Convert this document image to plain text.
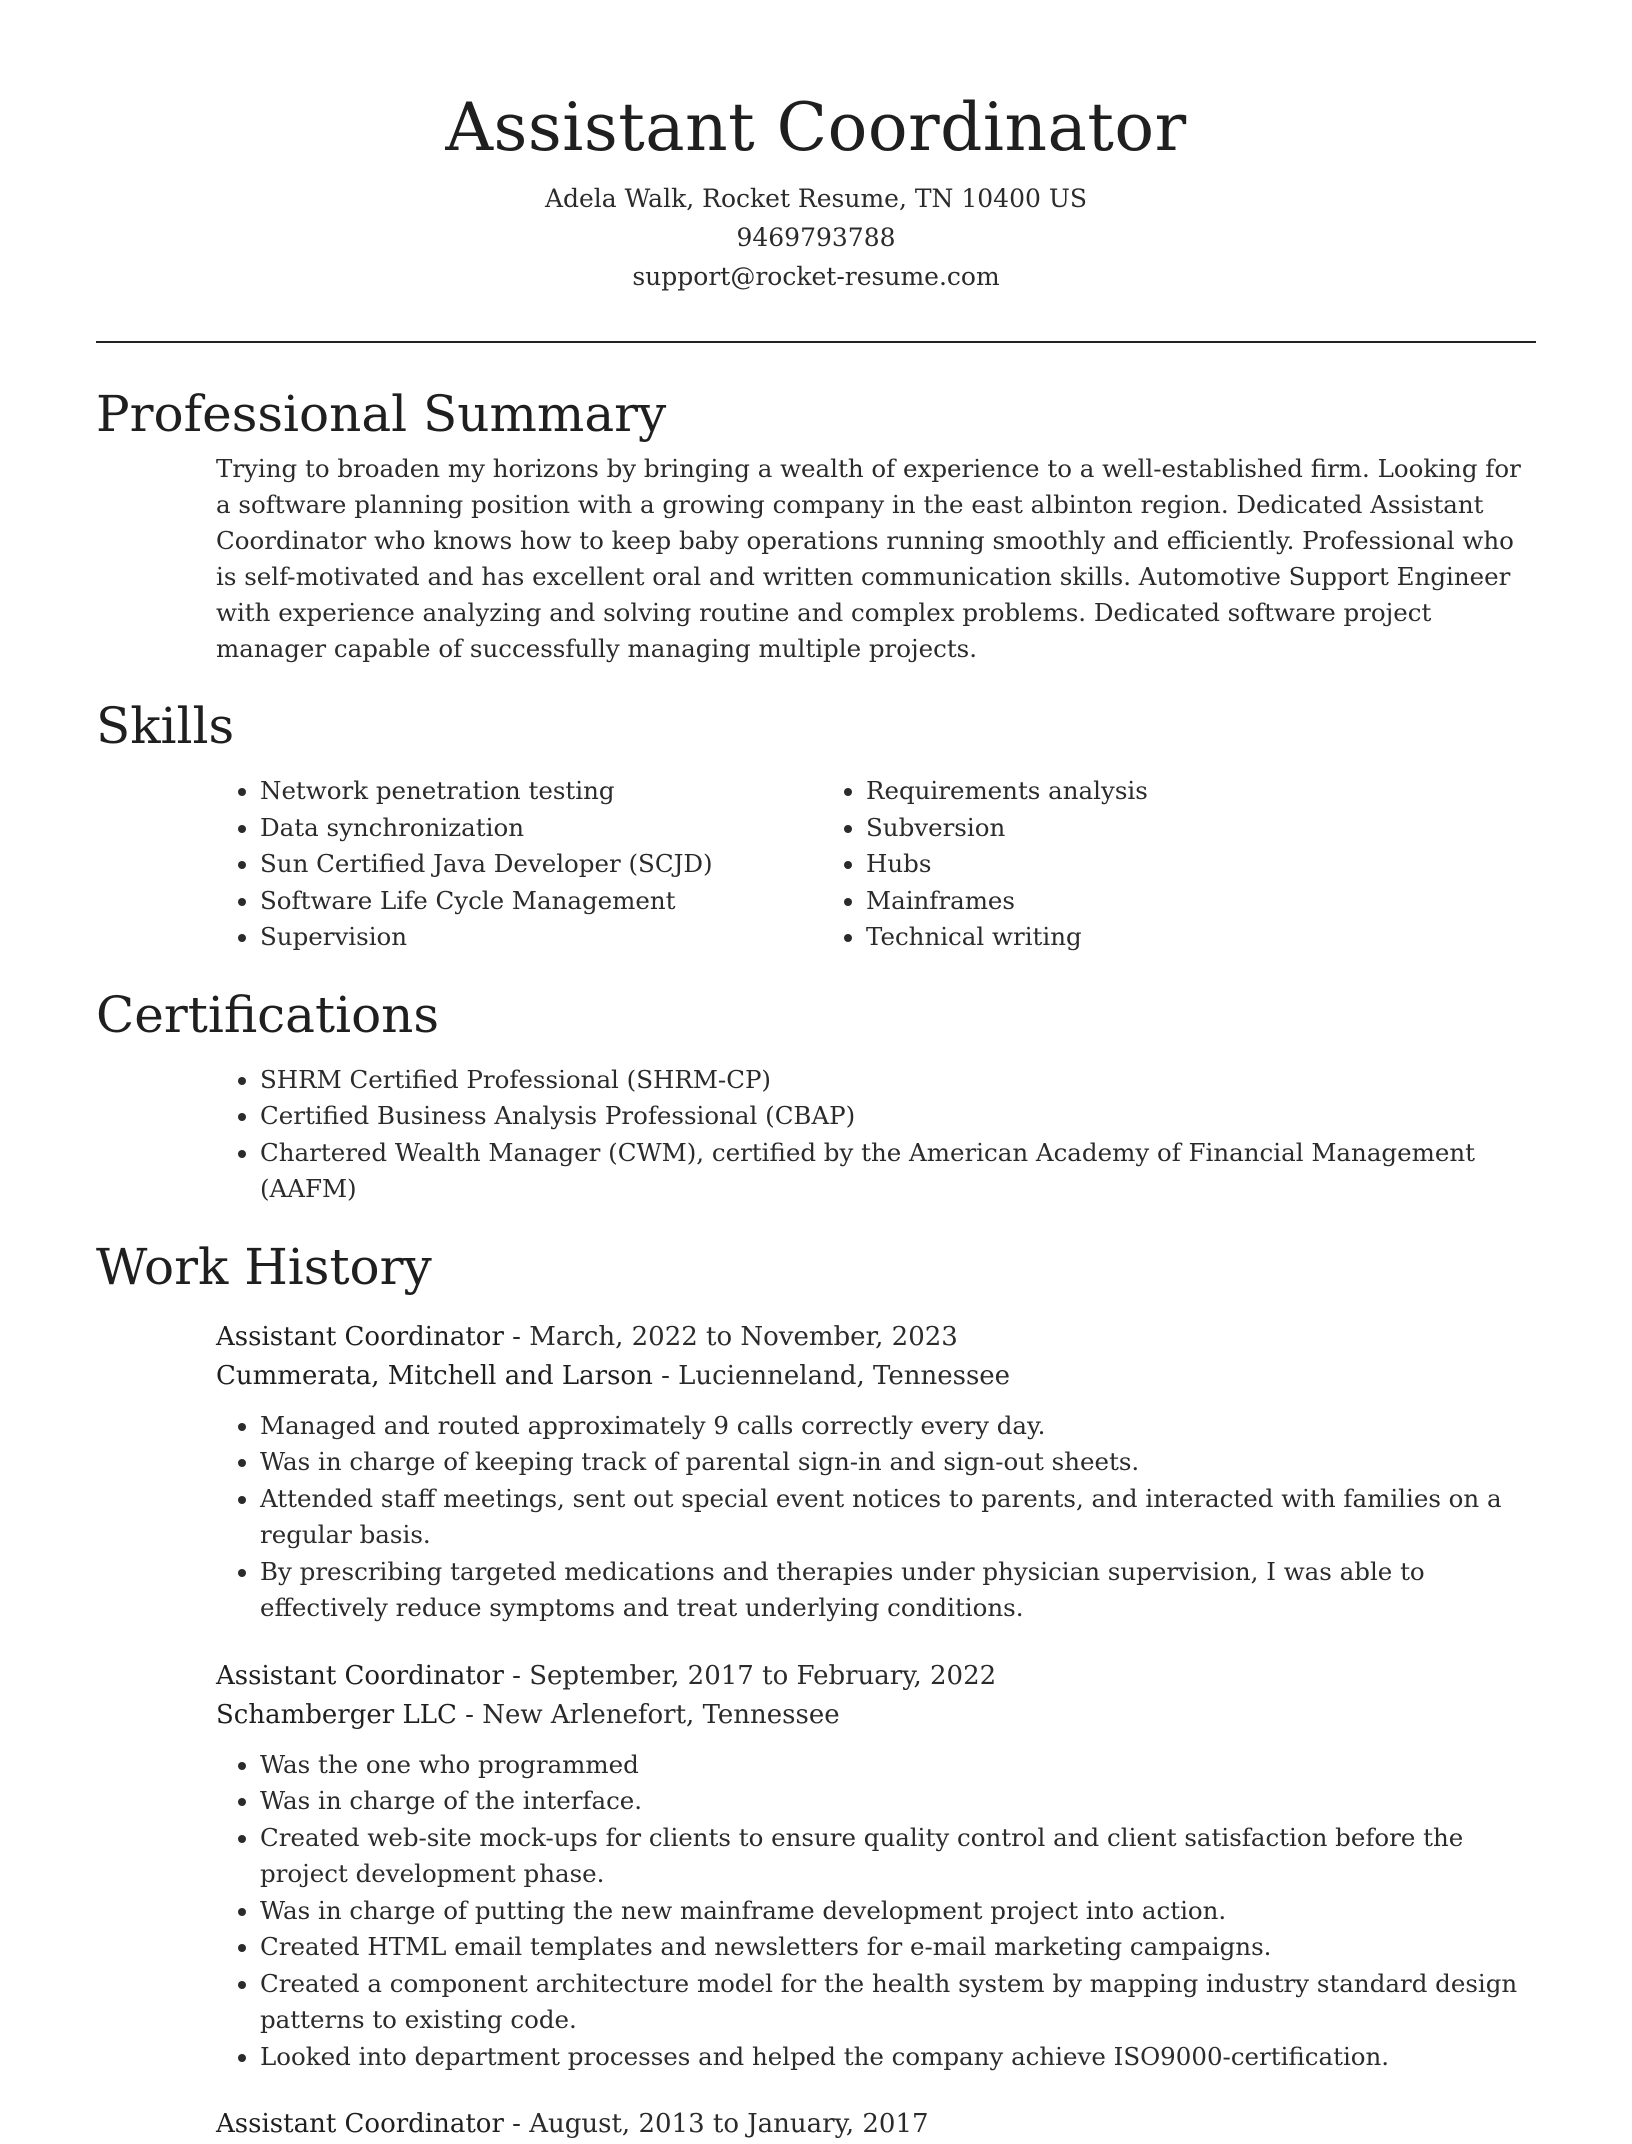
Assistant Coordinator
Adela Walk, Rocket Resume, TN 10400 US
9469793788
support@rocket-resume.com
Professional Summary

Trying to broaden my horizons by bringing a wealth of experience to a well-established firm. Looking for a software planning position with a growing company in the east albinton region. Dedicated Assistant Coordinator who knows how to keep baby operations running smoothly and efficiently. Professional who is self-motivated and has excellent oral and written communication skills. Automotive Support Engineer with experience analyzing and solving routine and complex problems. Dedicated software project manager capable of successfully managing multiple projects.

Skills
• Network penetration testing
• Data synchronization
• Sun Certified Java Developer (SCJD)
• Software Life Cycle Management
• Supervision
• Requirements analysis
• Subversion
• Hubs
• Mainframes
• Technical writing
Certifications
• SHRM Certified Professional (SHRM-CP)
• Certified Business Analysis Professional (CBAP)
• Chartered Wealth Manager (CWM), certified by the American Academy of Financial Management (AAFM)
Work History
Assistant Coordinator - March, 2022 to November, 2023
Cummerata, Mitchell and Larson - Lucienneland, Tennessee
• Managed and routed approximately 9 calls correctly every day.
• Was in charge of keeping track of parental sign-in and sign-out sheets.
• Attended staff meetings, sent out special event notices to parents, and interacted with families on a regular basis.
• By prescribing targeted medications and therapies under physician supervision, I was able to effectively reduce symptoms and treat underlying conditions.
Assistant Coordinator - September, 2017 to February, 2022
Schamberger LLC - New Arlenefort, Tennessee
• Was the one who programmed
• Was in charge of the interface.
• Created web-site mock-ups for clients to ensure quality control and client satisfaction before the project development phase.
• Was in charge of putting the new mainframe development project into action.
• Created HTML email templates and newsletters for e-mail marketing campaigns.
• Created a component architecture model for the health system by mapping industry standard design patterns to existing code.
• Looked into department processes and helped the company achieve ISO9000-certification.
Assistant Coordinator - August, 2013 to January, 2017
